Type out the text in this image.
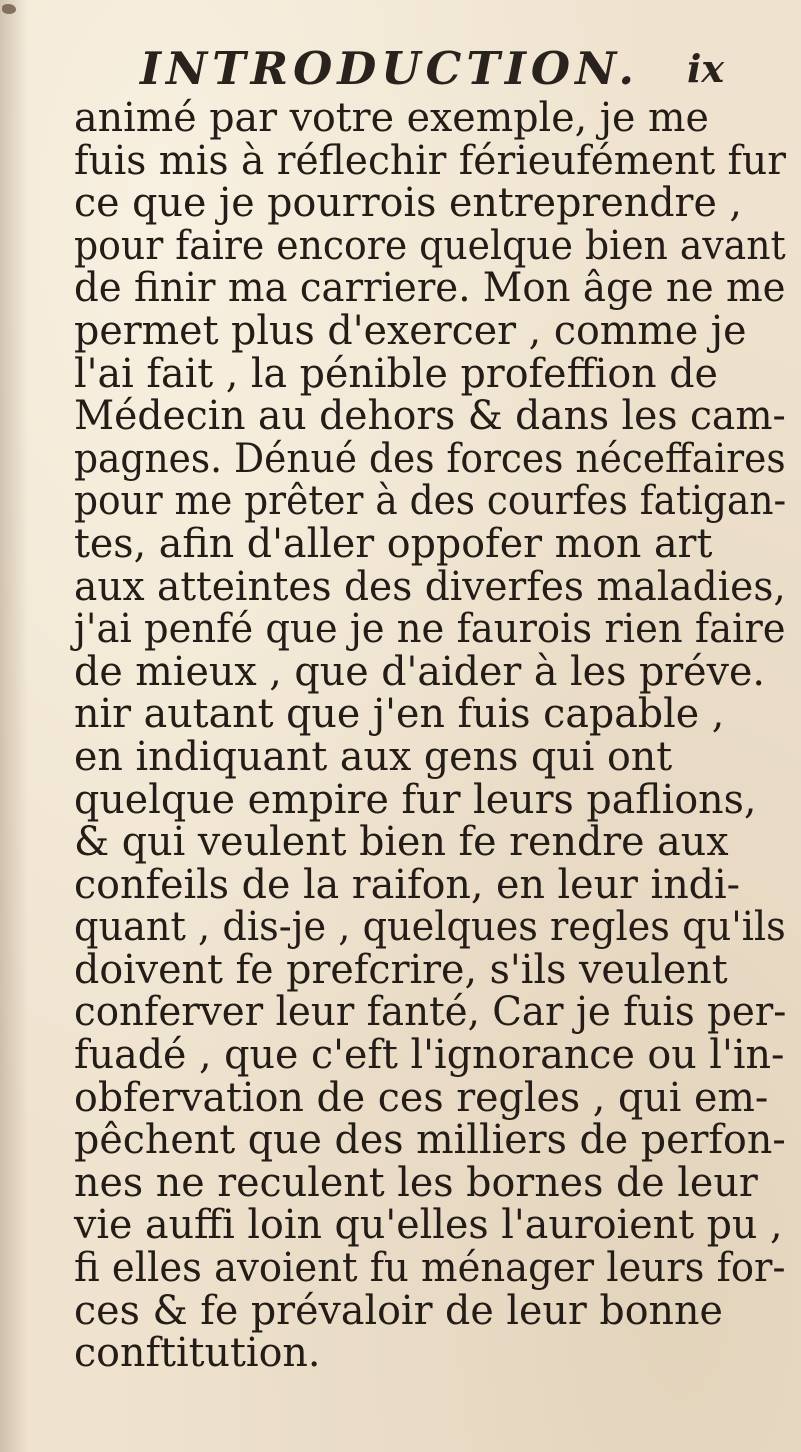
INTRODUCTION. ix
animé par votre exemple, je me
fuis mis à réflechir férieufément fur
ce que je pourrois entreprendre ,
pour faire encore quelque bien avant
de finir ma carriere. Mon âge ne me
permet plus d'exercer , comme je
l'ai fait , la pénible profeffion de
Médecin au dehors & dans les cam-
pagnes. Dénué des forces néceffaires
pour me prêter à des courfes fatigan-
tes, afin d'aller oppofer mon art
aux atteintes des diverfes maladies,
j'ai penfé que je ne faurois rien faire
de mieux , que d'aider à les préve.
nir autant que j'en fuis capable ,
en indiquant aux gens qui ont
quelque empire fur leurs paflions,
& qui veulent bien fe rendre aux
confeils de la raifon, en leur indi-
quant , dis-je , quelques regles qu'ils
doivent fe prefcrire, s'ils veulent
conferver leur fanté, Car je fuis per-
fuadé , que c'eft l'ignorance ou l'in-
obfervation de ces regles , qui em-
pêchent que des milliers de perfon-
nes ne reculent les bornes de leur
vie auffi loin qu'elles l'auroient pu ,
fi elles avoient fu ménager leurs for-
ces & fe prévaloir de leur bonne
conftitution.
